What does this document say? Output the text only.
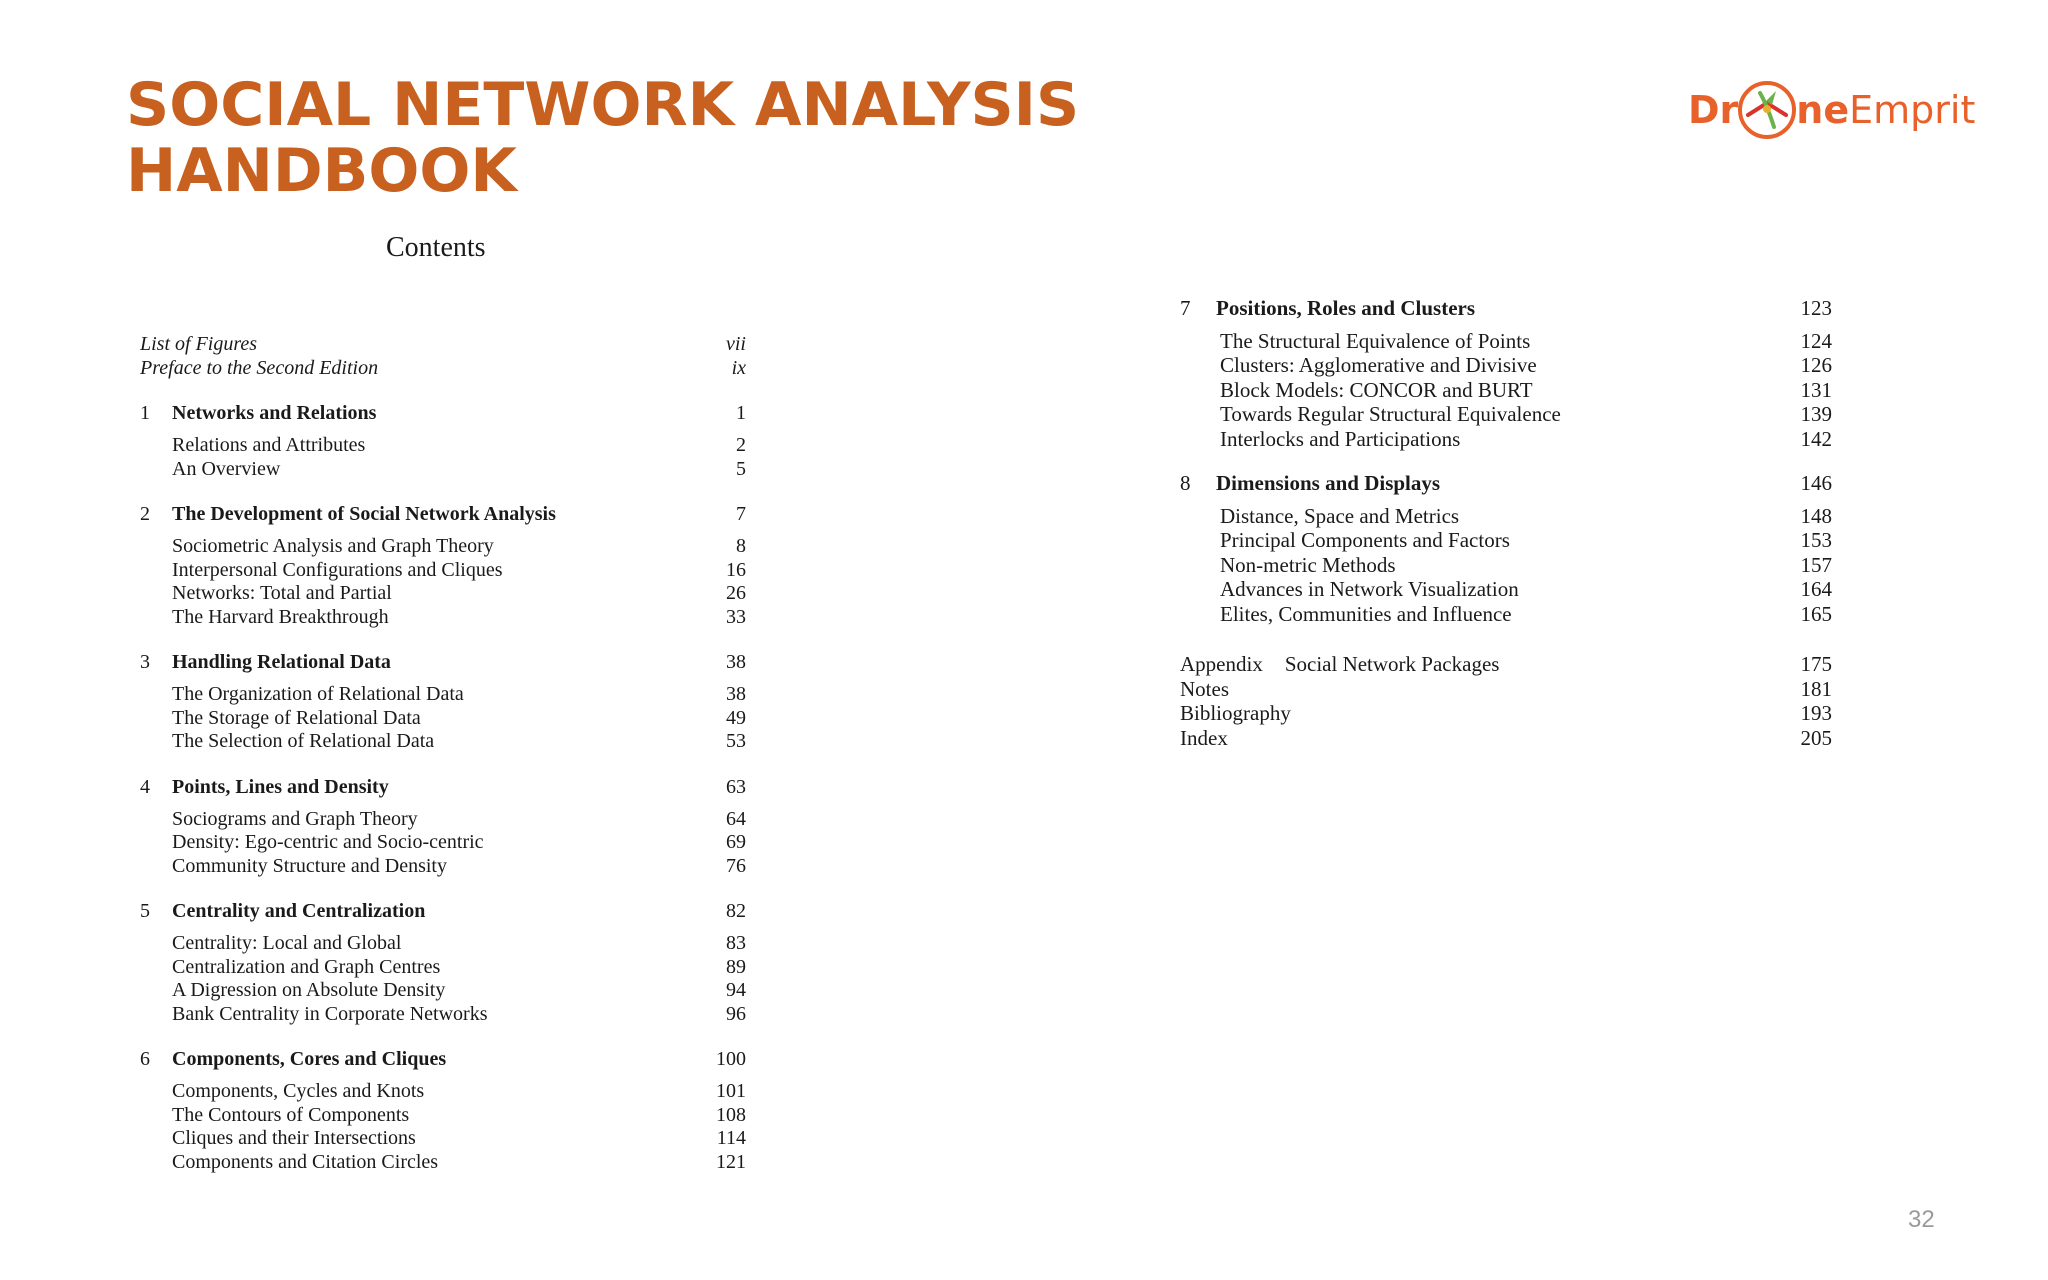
SOCIAL NETWORK ANALYSIS
HANDBOOK
Dr ne Emprit
Contents
List of Figures	vii
Preface to the Second Edition	ix
1 Networks and Relations	1
Relations and Attributes	2
An Overview	5
2 The Development of Social Network Analysis	7
Sociometric Analysis and Graph Theory	8
Interpersonal Configurations and Cliques	16
Networks: Total and Partial	26
The Harvard Breakthrough	33
3 Handling Relational Data	38
The Organization of Relational Data	38
The Storage of Relational Data	49
The Selection of Relational Data	53
4 Points, Lines and Density	63
Sociograms and Graph Theory	64
Density: Ego-centric and Socio-centric	69
Community Structure and Density	76
5 Centrality and Centralization	82
Centrality: Local and Global	83
Centralization and Graph Centres	89
A Digression on Absolute Density	94
Bank Centrality in Corporate Networks	96
6 Components, Cores and Cliques	100
Components, Cycles and Knots	101
The Contours of Components	108
Cliques and their Intersections	114
Components and Citation Circles	121
7 Positions, Roles and Clusters	123
The Structural Equivalence of Points	124
Clusters: Agglomerative and Divisive	126
Block Models: CONCOR and BURT	131
Towards Regular Structural Equivalence	139
Interlocks and Participations	142
8 Dimensions and Displays	146
Distance, Space and Metrics	148
Principal Components and Factors	153
Non-metric Methods	157
Advances in Network Visualization	164
Elites, Communities and Influence	165
Appendix Social Network Packages	175
Notes	181
Bibliography	193
Index	205
32
